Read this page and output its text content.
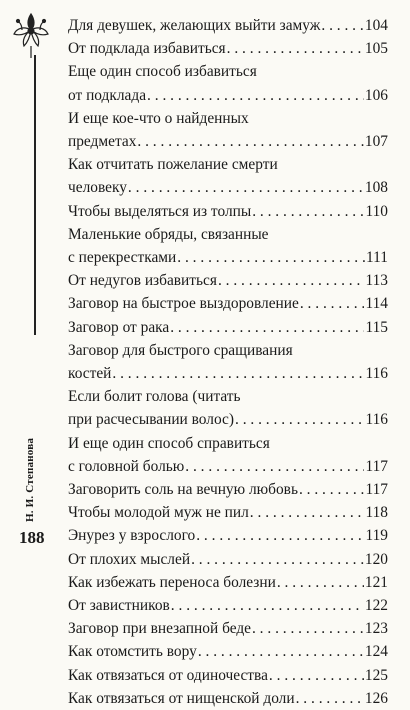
Н. И. Степанова
188
Для девушек, желающих выйти замуж . . .	104
От подклада избавиться . . .	105
Еще один способ избавиться
от подклада . . .	106
И еще кое-что о найденных
предметах . . .	107
Как отчитать пожелание смерти
человеку . . .	108
Чтобы выделяться из толпы . . .	110
Маленькие обряды, связанные
с перекрестками . . .	111
От недугов избавиться . . .	113
Заговор на быстрое выздоровление . . .	114
Заговор от рака . . .	115
Заговор для быстрого сращивания
костей . . .	116
Если болит голова (читать
при расчесывании волос) . . .	116
И еще один способ справиться
с головной болью . . .	117
Заговорить соль на вечную любовь . . .	117
Чтобы молодой муж не пил . . .	118
Энурез у взрослого . . .	119
От плохих мыслей . . .	120
Как избежать переноса болезни . . .	121
От завистников . . .	122
Заговор при внезапной беде . . .	123
Как отомстить вору . . .	124
Как отвязаться от одиночества . . .	125
Как отвязаться от нищенской доли . . .	126
